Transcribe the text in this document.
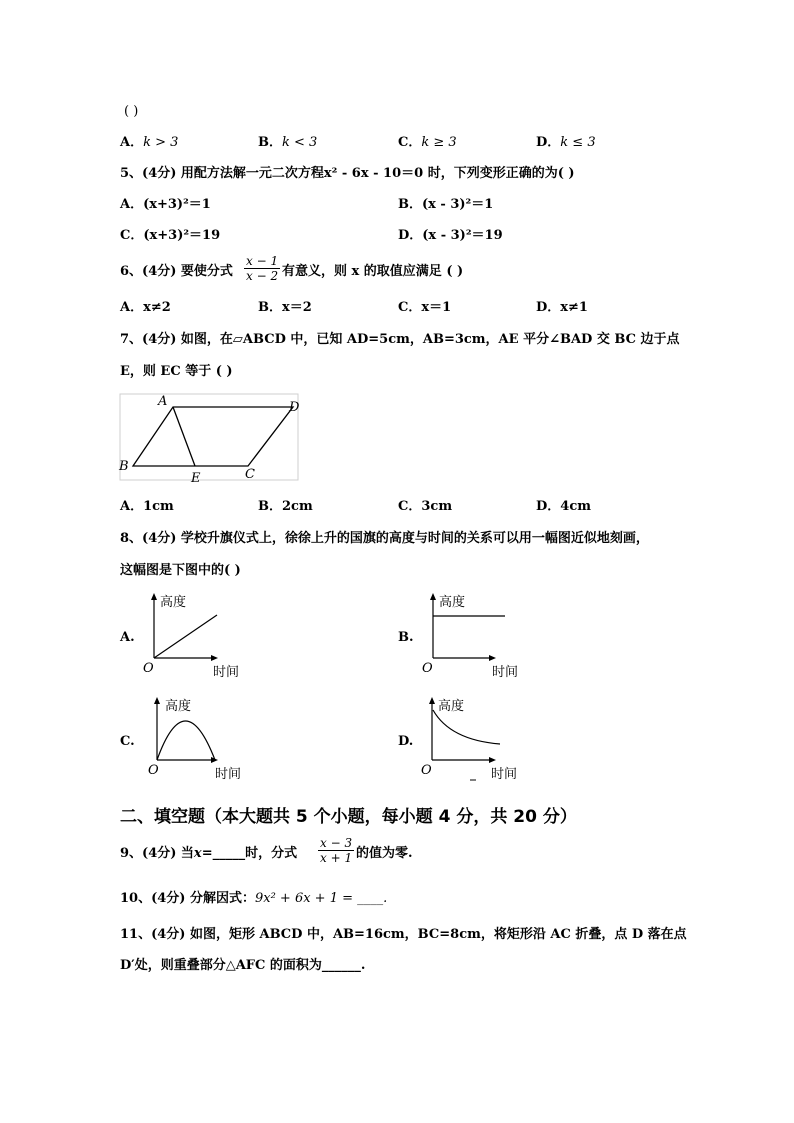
( )
A．k > 3	B．k < 3	C．k ≥ 3	D．k ≤ 3
5、(4分) 用配方法解一元二次方程x² - 6x - 10＝0 时，下列变形正确的为( )
A．(x+3)²＝1	B．(x - 3)²＝1
C．(x+3)²＝19	D．(x - 3)²＝19
6、(4分) 要使分式
x − 1
x − 2 有意义，则 x 的取值应满足 ( )
A．x≠2	B．x＝2	C．x＝1	D．x≠1
7、(4分) 如图，在▱ABCD 中，已知 AD=5cm，AB=3cm，AE 平分∠BAD 交 BC 边于点
E，则 EC 等于 ( )
A	D
B
C
E
A．1cm	B．2cm	C．3cm	D．4cm
8、(4分) 学校升旗仪式上，徐徐上升的国旗的高度与时间的关系可以用一幅图近似地刻画，
这幅图是下图中的( )
A.
高度
时间
O
B.
高度
时间
O
C.
高度
时间
O
D.
高度
时间
O
二、填空题（本大题共 5 个小题，每小题 4 分，共 20 分）
9、(4分) 当x=_____时，分式
x − 3
x + 1 的值为零.
10、(4分) 分解因式：9x² + 6x + 1 = ____.
11、(4分) 如图，矩形 ABCD 中，AB=16cm，BC=8cm，将矩形沿 AC 折叠，点 D 落在点
D′处，则重叠部分△AFC 的面积为______.
